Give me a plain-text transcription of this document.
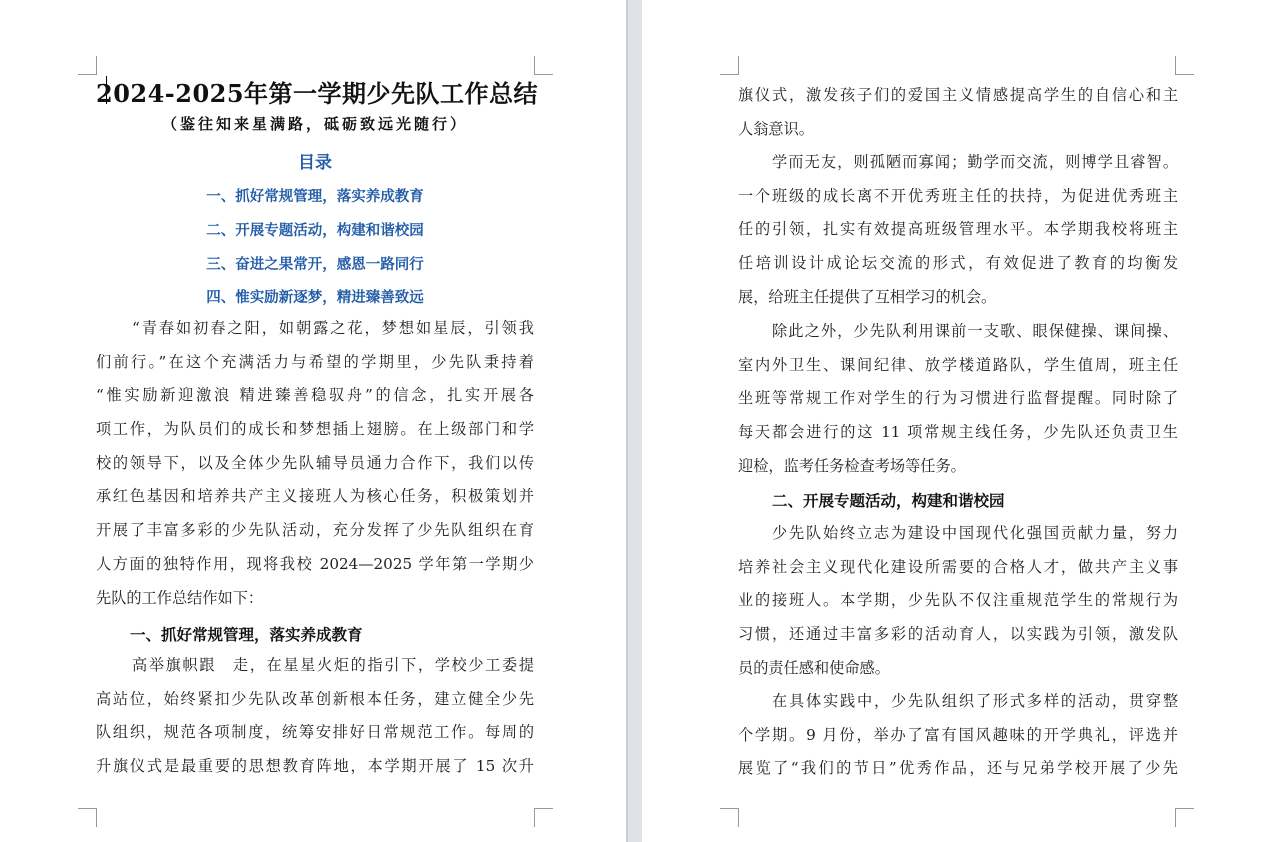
2024-2025年第一学期少先队工作总结
（鉴往知来星满路，砥砺致远光随行）
目录
一、抓好常规管理，落实养成教育
二、开展专题活动，构建和谐校园
三、奋进之果常开，感恩一路同行
四、惟实励新逐梦，精进臻善致远
“青春如初春之阳，如朝露之花，梦想如星辰，引领我
们前行。”在这个充满活力与希望的学期里，少先队秉持着
“惟实励新迎激浪 精进臻善稳驭舟”的信念，扎实开展各
项工作，为队员们的成长和梦想插上翅膀。在上级部门和学
校的领导下，以及全体少先队辅导员通力合作下，我们以传
承红色基因和培养共产主义接班人为核心任务，积极策划并
开展了丰富多彩的少先队活动，充分发挥了少先队组织在育
人方面的独特作用，现将我校 2024—2025 学年第一学期少
先队的工作总结作如下：
一、抓好常规管理，落实养成教育
高举旗帜跟　走，在星星火炬的指引下，学校少工委提
高站位，始终紧扣少先队改革创新根本任务，建立健全少先
队组织，规范各项制度，统筹安排好日常规范工作。每周的
升旗仪式是最重要的思想教育阵地，本学期开展了 15 次升
旗仪式，激发孩子们的爱国主义情感提高学生的自信心和主
人翁意识。
学而无友，则孤陋而寡闻；勤学而交流，则博学且睿智。
一个班级的成长离不开优秀班主任的扶持，为促进优秀班主
任的引领，扎实有效提高班级管理水平。本学期我校将班主
任培训设计成论坛交流的形式，有效促进了教育的均衡发
展，给班主任提供了互相学习的机会。
除此之外，少先队利用课前一支歌、眼保健操、课间操、
室内外卫生、课间纪律、放学楼道路队，学生值周，班主任
坐班等常规工作对学生的行为习惯进行监督提醒。同时除了
每天都会进行的这 11 项常规主线任务，少先队还负责卫生
迎检，监考任务检查考场等任务。
二、开展专题活动，构建和谐校园
少先队始终立志为建设中国现代化强国贡献力量，努力
培养社会主义现代化建设所需要的合格人才，做共产主义事
业的接班人。本学期，少先队不仅注重规范学生的常规行为
习惯，还通过丰富多彩的活动育人，以实践为引领，激发队
员的责任感和使命感。
在具体实践中，少先队组织了形式多样的活动，贯穿整
个学期。9 月份，举办了富有国风趣味的开学典礼，评选并
展览了“我们的节日”优秀作品，还与兄弟学校开展了少先
